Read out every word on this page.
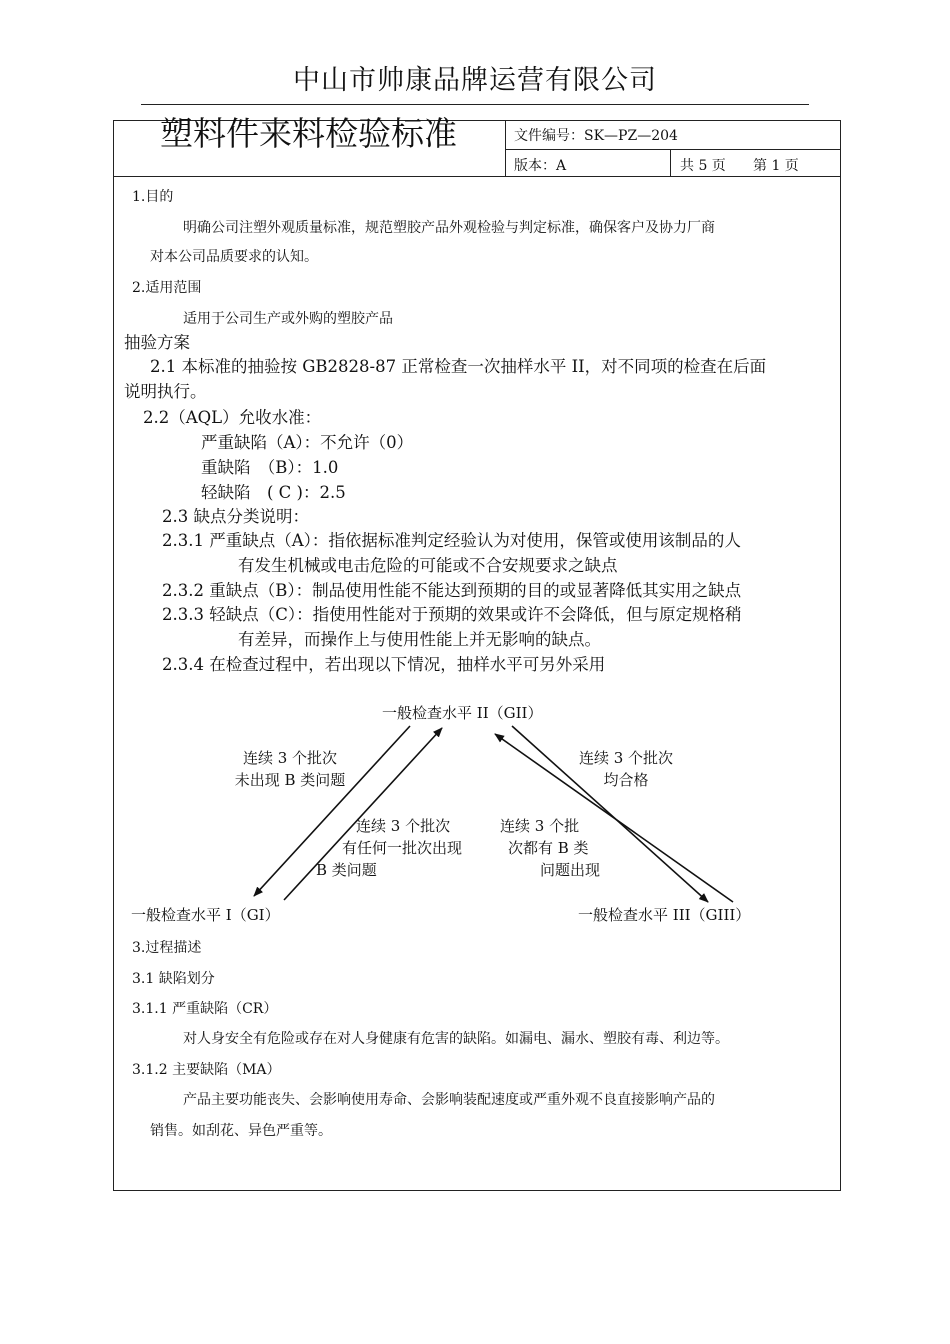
中山市帅康品牌运营有限公司
塑料件来料检验标准	文件编号：SK—PZ—204
版本：A	共 5 页 第 1 页
1.目的
明确公司注塑外观质量标准，规范塑胶产品外观检验与判定标准，确保客户及协力厂商
对本公司品质要求的认知。
2.适用范围
适用于公司生产或外购的塑胶产品
抽验方案
2.1 本标准的抽验按 GB2828-87 正常检查一次抽样水平 II，对不同项的检查在后面
说明执行。
2.2（AQL）允收水准：
严重缺陷（A）：不允许（0）
重缺陷　（B）：1.0
轻缺陷　( C )：2.5
2.3 缺点分类说明：
2.3.1 严重缺点（A）：指依据标准判定经验认为对使用，保管或使用该制品的人
有发生机械或电击危险的可能或不合安规要求之缺点
2.3.2 重缺点（B）：制品使用性能不能达到预期的目的或显著降低其实用之缺点
2.3.3 轻缺点（C）：指使用性能对于预期的效果或许不会降低，但与原定规格稍
有差异，而操作上与使用性能上并无影响的缺点。
2.3.4 在检查过程中，若出现以下情况，抽样水平可另外采用
一般检查水平 II（GII）
一般检查水平 I（GI）	一般检查水平 III（GIII）
连续 3 个批次
未出现 B 类问题
连续 3 个批次
均合格
连续 3 个批次
有任何一批次出现
B 类问题
连续 3 个批
次都有 B 类
问题出现
3.过程描述
3.1 缺陷划分
3.1.1 严重缺陷（CR）
对人身安全有危险或存在对人身健康有危害的缺陷。如漏电、漏水、塑胶有毒、利边等。
3.1.2 主要缺陷（MA）
产品主要功能丧失、会影响使用寿命、会影响装配速度或严重外观不良直接影响产品的
销售。如刮花、异色严重等。
